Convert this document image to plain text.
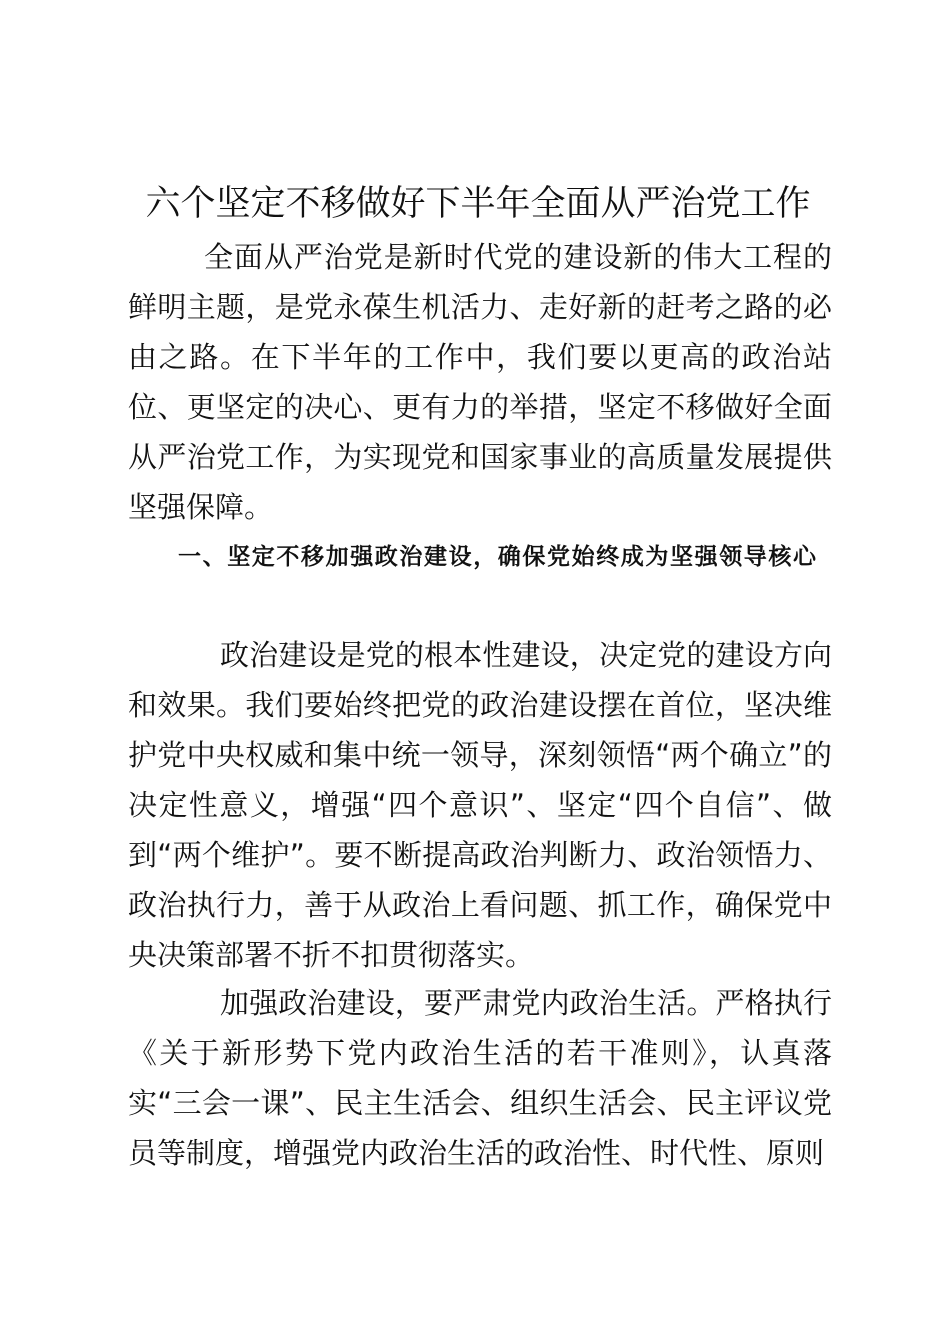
六个坚定不移做好下半年全面从严治党工作

全面从严治党是新时代党的建设新的伟大工程的鲜明主题，是党永葆生机活力、走好新的赶考之路的必由之路。在下半年的工作中，我们要以更高的政治站位、更坚定的决心、更有力的举措，坚定不移做好全面从严治党工作，为实现党和国家事业的高质量发展提供坚强保障。

一、坚定不移加强政治建设，确保党始终成为坚强领导核心

政治建设是党的根本性建设，决定党的建设方向和效果。我们要始终把党的政治建设摆在首位，坚决维护党中央权威和集中统一领导，深刻领悟“两个确立”的决定性意义，增强“四个意识”、坚定“四个自信”、做到“两个维护”。要不断提高政治判断力、政治领悟力、政治执行力，善于从政治上看问题、抓工作，确保党中央决策部署不折不扣贯彻落实。

加强政治建设，要严肃党内政治生活。严格执行《关于新形势下党内政治生活的若干准则》，认真落实“三会一课”、民主生活会、组织生活会、民主评议党员等制度，增强党内政治生活的政治性、时代性、原则
